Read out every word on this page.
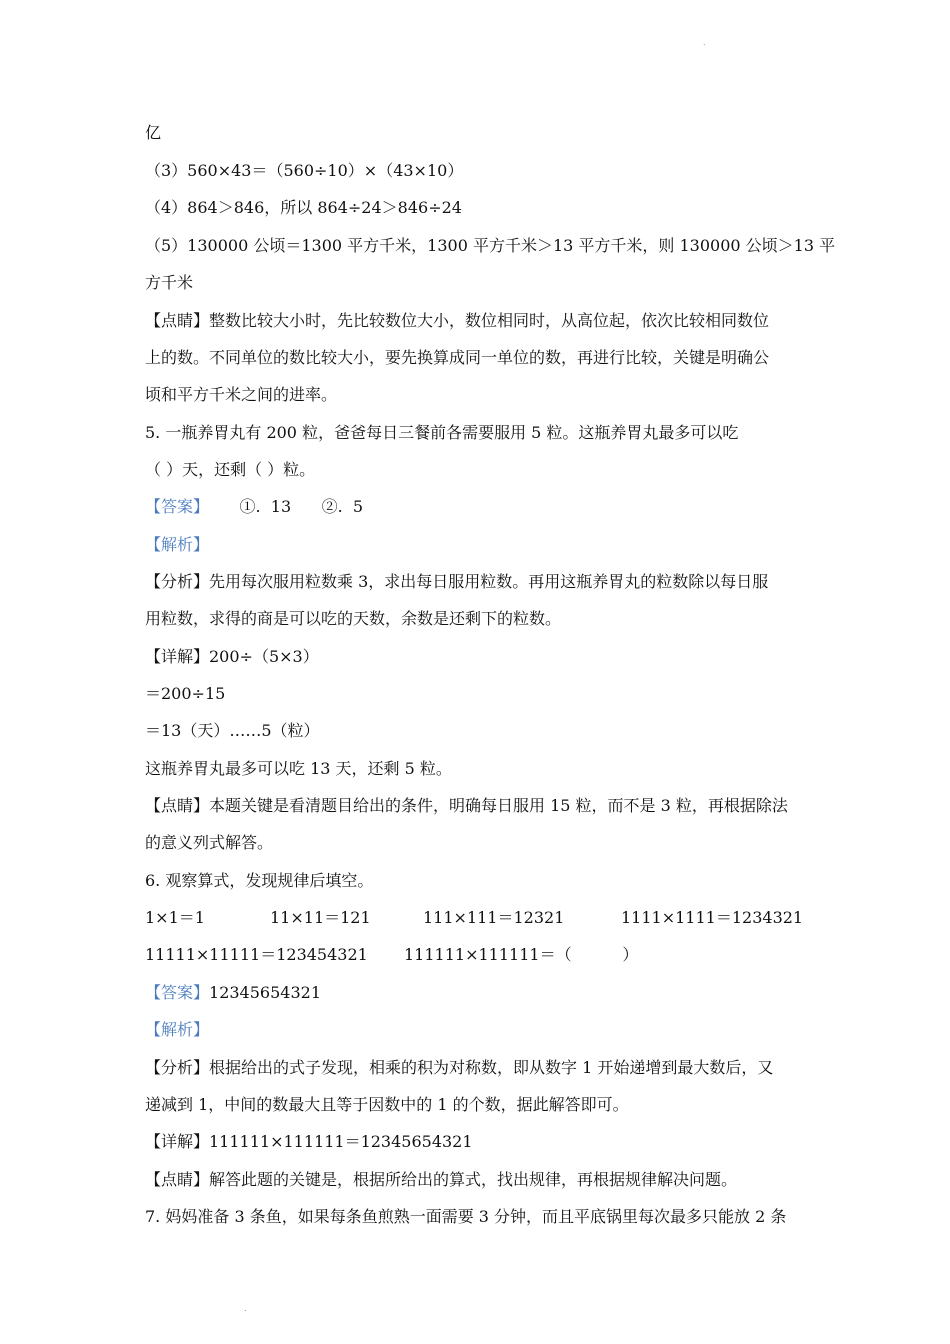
.
亿
（3）560×43＝（560÷10）×（43×10）
（4）864＞846，所以 864÷24＞846÷24
（5）130000 公顷＝1300 平方千米，1300 平方千米＞13 平方千米，则 130000 公顷＞13 平
方千米
【点睛】整数比较大小时，先比较数位大小，数位相同时，从高位起，依次比较相同数位
上的数。不同单位的数比较大小，要先换算成同一单位的数，再进行比较，关键是明确公
顷和平方千米之间的进率。
5. 一瓶养胃丸有 200 粒，爸爸每日三餐前各需要服用 5 粒。这瓶养胃丸最多可以吃
（ ）天，还剩（ ）粒。
【答案】      ①.  13      ②.  5
【解析】
【分析】先用每次服用粒数乘 3，求出每日服用粒数。再用这瓶养胃丸的粒数除以每日服
用粒数，求得的商是可以吃的天数，余数是还剩下的粒数。
【详解】200÷（5×3）
＝200÷15
＝13（天）……5（粒）
这瓶养胃丸最多可以吃 13 天，还剩 5 粒。
【点睛】本题关键是看清题目给出的条件，明确每日服用 15 粒，而不是 3 粒，再根据除法
的意义列式解答。
6. 观察算式，发现规律后填空。
1×1＝1	11×11＝121	111×111＝12321	1111×1111＝1234321
11111×11111＝123454321 111111×111111＝（          ）
【答案】12345654321
【解析】
【分析】根据给出的式子发现，相乘的积为对称数，即从数字 1 开始递增到最大数后，又
递减到 1，中间的数最大且等于因数中的 1 的个数，据此解答即可。
【详解】111111×111111＝12345654321
【点睛】解答此题的关键是，根据所给出的算式，找出规律，再根据规律解决问题。
7. 妈妈准备 3 条鱼，如果每条鱼煎熟一面需要 3 分钟，而且平底锅里每次最多只能放 2 条
.
